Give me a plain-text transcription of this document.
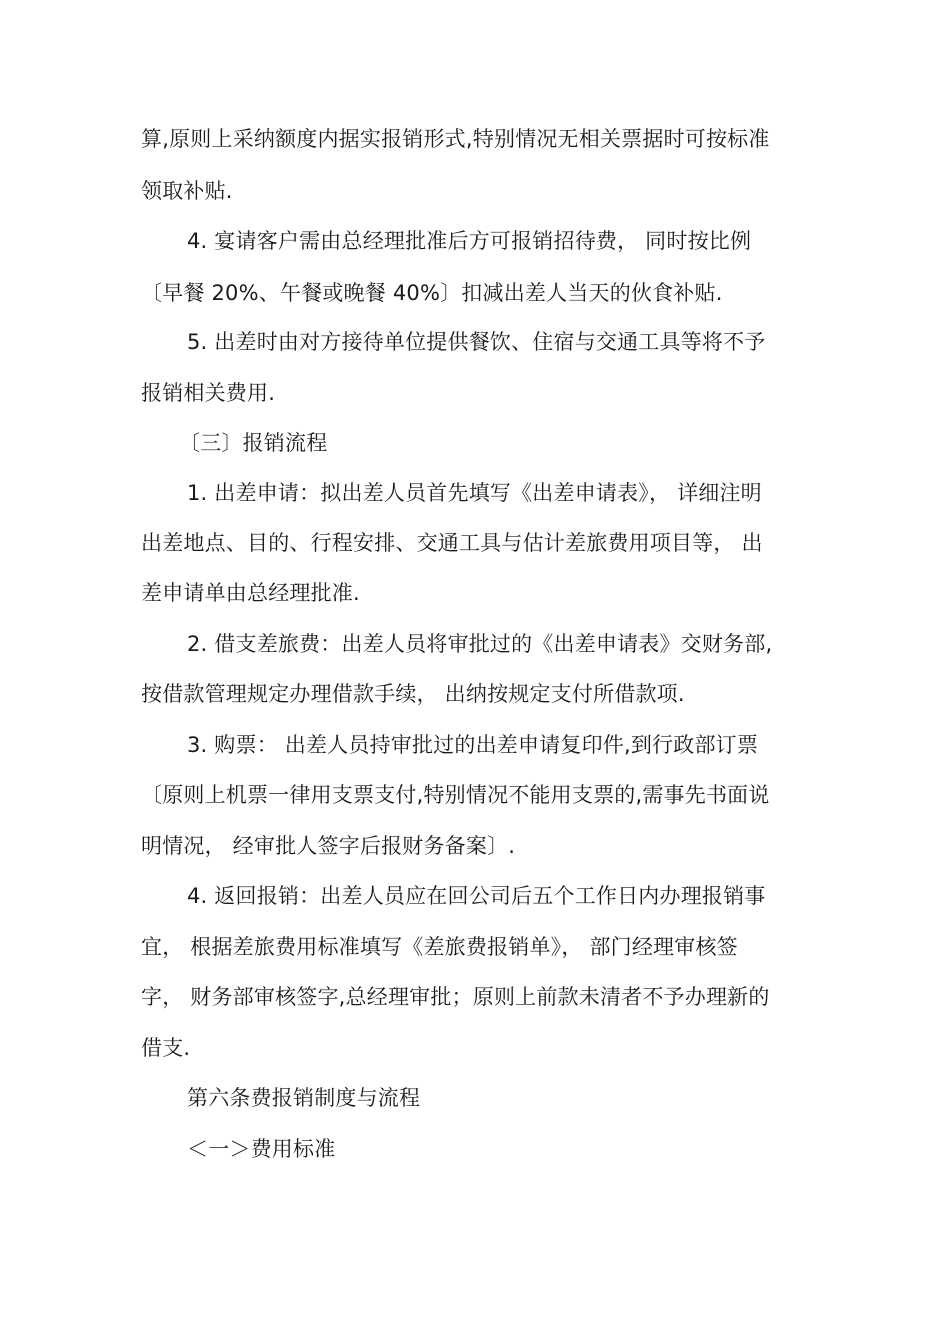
算,原则上采纳额度内据实报销形式,特别情况无相关票据时可按标准
领取补贴.
4. 宴请客户需由总经理批准后方可报销招待费， 同时按比例
〔早餐 20%、午餐或晚餐 40%〕扣减出差人当天的伙食补贴.
5. 出差时由对方接待单位提供餐饮、住宿与交通工具等将不予
报销相关费用.
〔三〕报销流程
1. 出差申请：拟出差人员首先填写《出差申请表》， 详细注明
出差地点、目的、行程安排、交通工具与估计差旅费用项目等， 出
差申请单由总经理批准.
2. 借支差旅费：出差人员将审批过的《出差申请表》交财务部,
按借款管理规定办理借款手续， 出纳按规定支付所借款项.
3. 购票： 出差人员持审批过的出差申请复印件,到行政部订票
〔原则上机票一律用支票支付,特别情况不能用支票的,需事先书面说
明情况， 经审批人签字后报财务备案〕.
4. 返回报销：出差人员应在回公司后五个工作日内办理报销事
宜， 根据差旅费用标准填写《差旅费报销单》， 部门经理审核签
字， 财务部审核签字,总经理审批；原则上前款未清者不予办理新的
借支.
第六条费报销制度与流程
＜一＞费用标准
